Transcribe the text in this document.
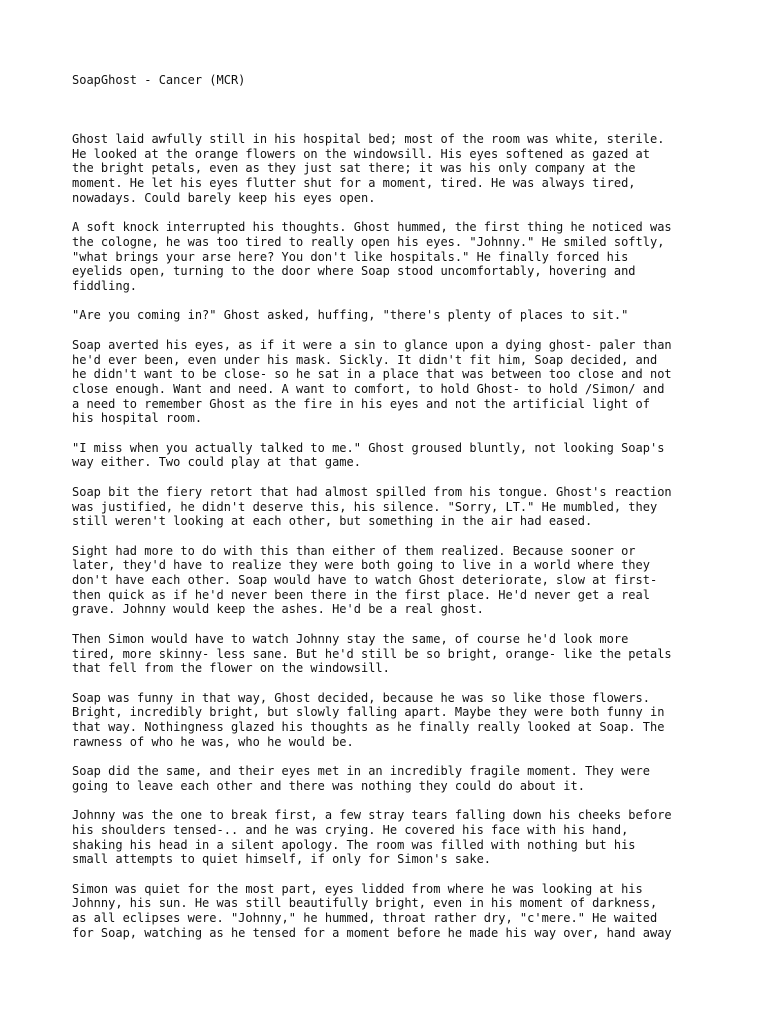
SoapGhost - Cancer (MCR)

Ghost laid awfully still in his hospital bed; most of the room was white, sterile.
He looked at the orange flowers on the windowsill. His eyes softened as gazed at
the bright petals, even as they just sat there; it was his only company at the
moment. He let his eyes flutter shut for a moment, tired. He was always tired,
nowadays. Could barely keep his eyes open.

A soft knock interrupted his thoughts. Ghost hummed, the first thing he noticed was
the cologne, he was too tired to really open his eyes. "Johnny." He smiled softly,
"what brings your arse here? You don't like hospitals." He finally forced his
eyelids open, turning to the door where Soap stood uncomfortably, hovering and
fiddling.

"Are you coming in?" Ghost asked, huffing, "there's plenty of places to sit."

Soap averted his eyes, as if it were a sin to glance upon a dying ghost- paler than
he'd ever been, even under his mask. Sickly. It didn't fit him, Soap decided, and
he didn't want to be close- so he sat in a place that was between too close and not
close enough. Want and need. A want to comfort, to hold Ghost- to hold /Simon/ and
a need to remember Ghost as the fire in his eyes and not the artificial light of
his hospital room.

"I miss when you actually talked to me." Ghost groused bluntly, not looking Soap's
way either. Two could play at that game.

Soap bit the fiery retort that had almost spilled from his tongue. Ghost's reaction
was justified, he didn't deserve this, his silence. "Sorry, LT." He mumbled, they
still weren't looking at each other, but something in the air had eased.

Sight had more to do with this than either of them realized. Because sooner or
later, they'd have to realize they were both going to live in a world where they
don't have each other. Soap would have to watch Ghost deteriorate, slow at first-
then quick as if he'd never been there in the first place. He'd never get a real
grave. Johnny would keep the ashes. He'd be a real ghost.

Then Simon would have to watch Johnny stay the same, of course he'd look more
tired, more skinny- less sane. But he'd still be so bright, orange- like the petals
that fell from the flower on the windowsill.

Soap was funny in that way, Ghost decided, because he was so like those flowers.
Bright, incredibly bright, but slowly falling apart. Maybe they were both funny in
that way. Nothingness glazed his thoughts as he finally really looked at Soap. The
rawness of who he was, who he would be.

Soap did the same, and their eyes met in an incredibly fragile moment. They were
going to leave each other and there was nothing they could do about it.

Johnny was the one to break first, a few stray tears falling down his cheeks before
his shoulders tensed-.. and he was crying. He covered his face with his hand,
shaking his head in a silent apology. The room was filled with nothing but his
small attempts to quiet himself, if only for Simon's sake.

Simon was quiet for the most part, eyes lidded from where he was looking at his
Johnny, his sun. He was still beautifully bright, even in his moment of darkness,
as all eclipses were. "Johnny," he hummed, throat rather dry, "c'mere." He waited
for Soap, watching as he tensed for a moment before he made his way over, hand away
